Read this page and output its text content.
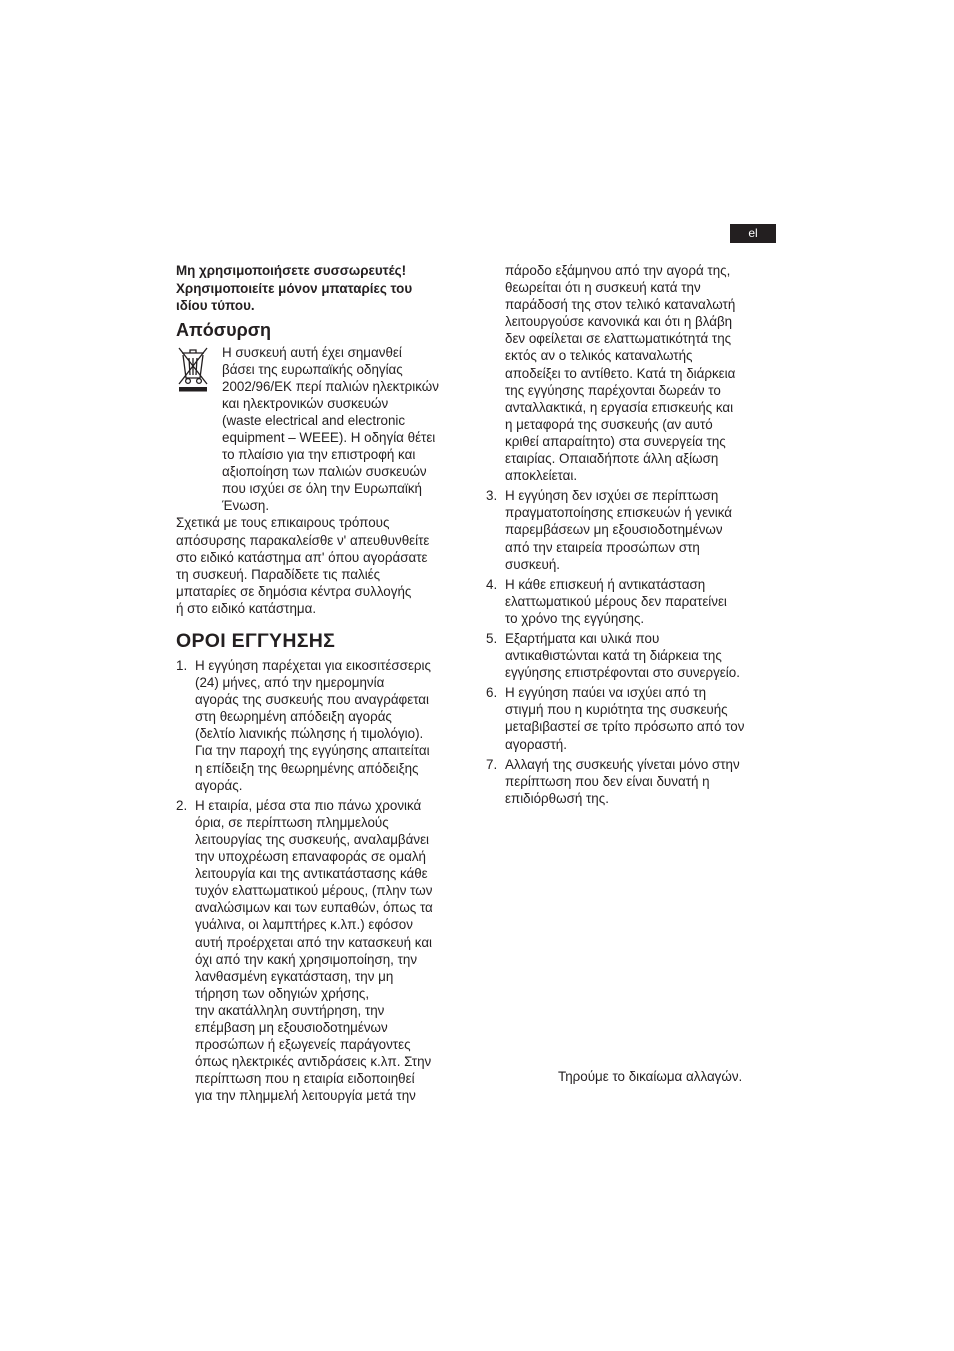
el
Μη χρησιμοποιήσετε συσσωρευτές!
Χρησιμοποιείτε μόνον μπαταρίες του
ιδίου τύπου.
Απόσυρση
Η συσκευή αυτή έχει σημανθεί
βάσει της ευρωπαϊκής οδηγίας
2002/96/ΕΚ περί παλιών ηλεκτρικών
και ηλεκτρονικών συσκευών
(waste electrical and electronic
equipment – WEEE). Η οδηγία θέτει
το πλαίσιο για την επιστροφή και
αξιοποίηση των παλιών συσκευών
που ισχύει σε όλη την Ευρωπαϊκή
Ένωση.
Σχετικά με τους επικαιρους τρόπους
απόσυρσης παρακαλείσθε ν' απευθυνθείτε
στο ειδικό κατάστημα απ' όπου αγοράσατε
τη συσκευή. Παραδίδετε τις παλιές
μπαταρίες σε δημόσια κέντρα συλλογής
ή στο ειδικό κατάστημα.
ΟΡΟΙ ΕΓΓΥΗΣΗΣ
1. Η εγγύηση παρέχεται για εικοσιτέσσερις
(24) μήνες, από την ημερομηνία
αγοράς της συσκευής που αναγράφεται
στη θεωρημένη απόδειξη αγοράς
(δελτίο λιανικής πώλησης ή τιμολόγιο).
Για την παροχή της εγγύησης απαιτείται
η επίδειξη της θεωρημένης απόδειξης
αγοράς.
2. Η εταιρία, μέσα στα πιο πάνω χρονικά
όρια, σε περίπτωση πλημμελούς
λειτουργίας της συσκευής, αναλαμβάνει
την υποχρέωση επαναφοράς σε ομαλή
λειτουργία και της αντικατάστασης κάθε
τυχόν ελαττωματικού μέρους, (πλην των
αναλώσιμων και των ευπαθών, όπως τα
γυάλινα, οι λαμπτήρες κ.λπ.) εφόσον
αυτή προέρχεται από την κατασκευή και
όχι από την κακή χρησιμοποίηση, την
λανθασμένη εγκατάσταση, την μη
τήρηση των οδηγιών χρήσης,
την ακατάλληλη συντήρηση, την
επέμβαση μη εξουσιοδοτημένων
προσώπων ή εξωγενείς παράγοντες
όπως ηλεκτρικές αντιδράσεις κ.λπ. Στην
περίπτωση που η εταιρία ειδοποιηθεί
για την πλημμελή λειτουργία μετά την
πάροδο εξάμηνου από την αγορά της,
θεωρείται ότι η συσκευή κατά την
παράδοσή της στον τελικό καταναλωτή
λειτουργούσε κανονικά και ότι η βλάβη
δεν οφείλεται σε ελαττωματικότητά της
εκτός αν ο τελικός καταναλωτής
αποδείξει το αντίθετο. Κατά τη διάρκεια
της εγγύησης παρέχονται δωρεάν το
ανταλλακτικά, η εργασία επισκευής και
η μεταφορά της συσκευής (αν αυτό
κριθεί απαραίτητο) στα συνεργεία της
εταιρίας. Οπαιαδήποτε άλλη αξίωση
αποκλείεται.
3. Η εγγύηση δεν ισχύει σε περίπτωση
πραγματοποίησης επισκευών ή γενικά
παρεμβάσεων μη εξουσιοδοτημένων
από την εταιρεία προσώπων στη
συσκευή.
4. Η κάθε επισκευή ή αντικατάσταση
ελαττωματικού μέρους δεν παρατείνει
το χρόνο της εγγύησης.
5. Εξαρτήματα και υλικά που
αντικαθιστώνται κατά τη διάρκεια της
εγγύησης επιστρέφονται στο συνεργείο.
6. Η εγγύηση παύει να ισχύει από τη
στιγμή που η κυριότητα της συσκευής
μεταβιβαστεί σε τρίτο πρόσωπο από τον
αγοραστή.
7. Αλλαγή της συσκευής γίνεται μόνο στην
περίπτωση που δεν είναι δυνατή η
επιδιόρθωσή της.
Τηρούμε το δικαίωμα αλλαγών.
